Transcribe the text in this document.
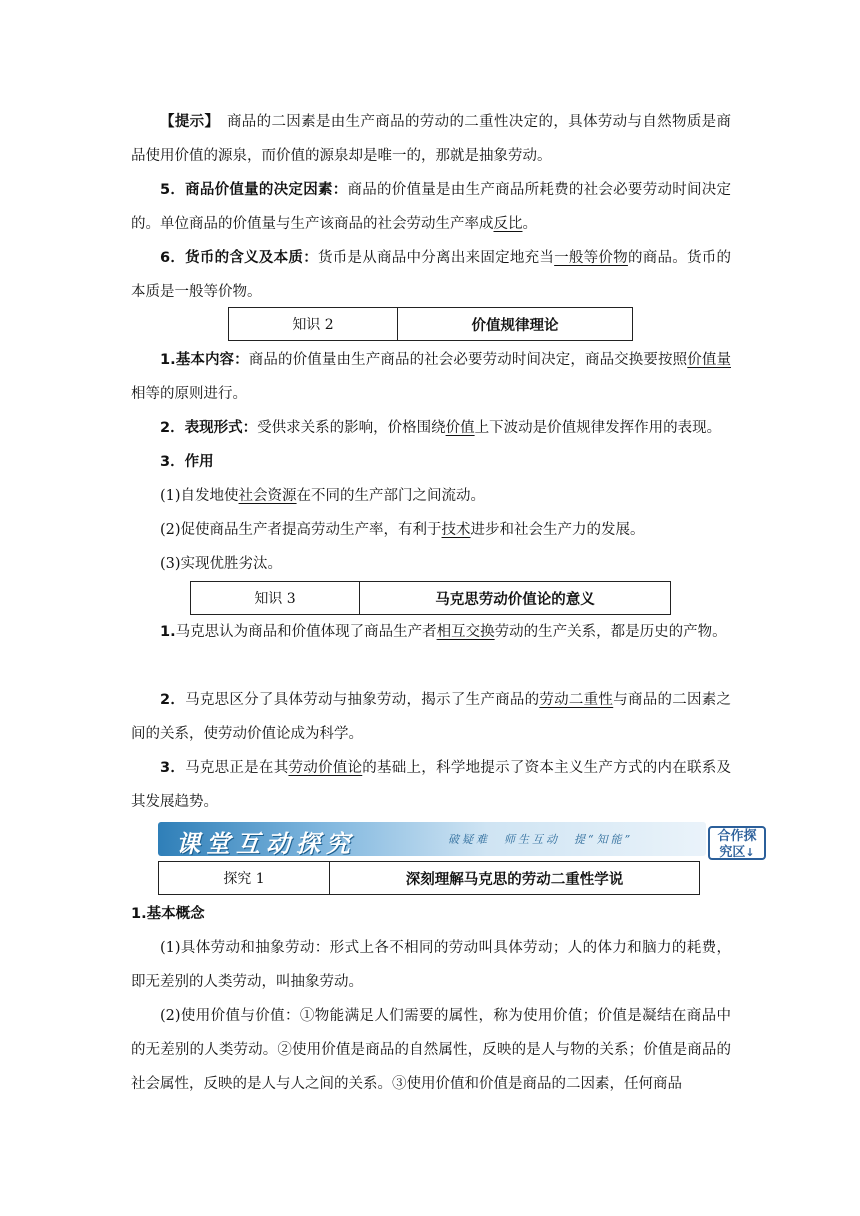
【提示】　 商品的二因素是由生产商品的劳动的二重性决定的，具体劳动与自然物质是商品使用价值的源泉，而价值的源泉却是唯一的，那就是抽象劳动。
5．商品价值量的决定因素：商品的价值量是由生产商品所耗费的社会必要劳动时间决定的。单位商品的价值量与生产该商品的社会劳动生产率成反比。
6．货币的含义及本质：货币是从商品中分离出来固定地充当一般等价物的商品。货币的本质是一般等价物。
知识 2	价值规律理论
1.基本内容：商品的价值量由生产商品的社会必要劳动时间决定，商品交换要按照价值量相等的原则进行。
2．表现形式：受供求关系的影响，价格围绕价值上下波动是价值规律发挥作用的表现。
3．作用
(1)自发地使社会资源在不同的生产部门之间流动。
(2)促使商品生产者提高劳动生产率，有利于技术进步和社会生产力的发展。
(3)实现优胜劣汰。
知识 3	马克思劳动价值论的意义
1.马克思认为商品和价值体现了商品生产者相互交换劳动的生产关系，都是历史的产物。
2．马克思区分了具体劳动与抽象劳动，揭示了生产商品的劳动二重性与商品的二因素之间的关系，使劳动价值论成为科学。
3．马克思正是在其劳动价值论的基础上，科学地提示了资本主义生产方式的内在联系及其发展趋势。
课堂互动探究	破疑难　师生互动　提“知能”	合作探
究区↓
探究 1	深刻理解马克思的劳动二重性学说
1.基本概念
(1)具体劳动和抽象劳动：形式上各不相同的劳动叫具体劳动；人的体力和脑力的耗费，即无差别的人类劳动，叫抽象劳动。
(2)使用价值与价值：①物能满足人们需要的属性，称为使用价值；价值是凝结在商品中的无差别的人类劳动。②使用价值是商品的自然属性，反映的是人与物的关系；价值是商品的社会属性，反映的是人与人之间的关系。③使用价值和价值是商品的二因素，任何商品
